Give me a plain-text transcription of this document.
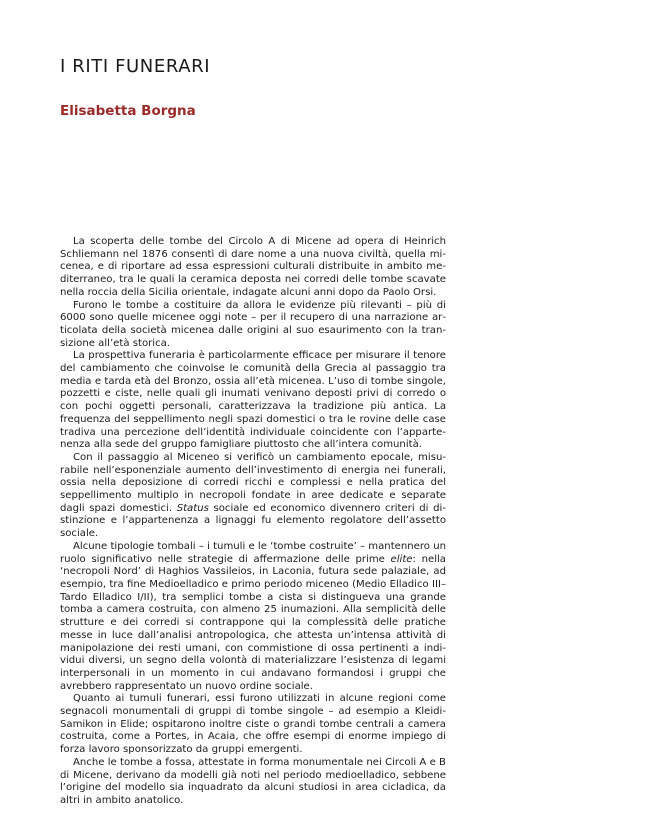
I RITI FUNERARI
Elisabetta Borgna

La scoperta delle tombe del Circolo A di Micene ad opera di Heinrich Schliemann nel 1876 consentì di dare nome a una nuova civiltà, quella micenea, e di riportare ad essa espressioni culturali distribuite in ambito mediterraneo, tra le quali la ceramica deposta nei corredi delle tombe scavate nella roccia della Sicilia orientale, indagate alcuni anni dopo da Paolo Orsi.

Furono le tombe a costituire da allora le evidenze più rilevanti – più di 6000 sono quelle micenee oggi note – per il recupero di una narrazione articolata della società micenea dalle origini al suo esaurimento con la transizione all’età storica.

La prospettiva funeraria è particolarmente efficace per misurare il tenore del cambiamento che coinvolse le comunità della Grecia al passaggio tra media e tarda età del Bronzo, ossia all’età micenea. L’uso di tombe singole, pozzetti e ciste, nelle quali gli inumati venivano deposti privi di corredo o con pochi oggetti personali, caratterizzava la tradizione più antica. La frequenza del seppellimento negli spazi domestici o tra le rovine delle case tradiva una percezione dell’identità individuale coincidente con l’appartenenza alla sede del gruppo famigliare piuttosto che all’intera comunità.

Con il passaggio al Miceneo si verificò un cambiamento epocale, misurabile nell’esponenziale aumento dell’investimento di energia nei funerali, ossia nella deposizione di corredi ricchi e complessi e nella pratica del seppellimento multiplo in necropoli fondate in aree dedicate e separate dagli spazi domestici. Status sociale ed economico divennero criteri di distinzione e l’appartenenza a lignaggi fu elemento regolatore dell’assetto sociale.

Alcune tipologie tombali – i tumuli e le ‘tombe costruite’ – mantennero un ruolo significativo nelle strategie di affermazione delle prime elite: nella ‘necropoli Nord’ di Haghios Vassileios, in Laconia, futura sede palaziale, ad esempio, tra fine Medioelladico e primo periodo miceneo (Medio Elladico III–Tardo Elladico I/II), tra semplici tombe a cista si distingueva una grande tomba a camera costruita, con almeno 25 inumazioni. Alla semplicità delle strutture e dei corredi si contrappone qui la complessità delle pratiche messe in luce dall’analisi antropologica, che attesta un’intensa attività di manipolazione dei resti umani, con commistione di ossa pertinenti a individui diversi, un segno della volontà di materializzare l’esistenza di legami interpersonali in un momento in cui andavano formandosi i gruppi che avrebbero rappresentato un nuovo ordine sociale.

Quanto ai tumuli funerari, essi furono utilizzati in alcune regioni come segnacoli monumentali di gruppi di tombe singole – ad esempio a Kleidi-Samikon in Elide; ospitarono inoltre ciste o grandi tombe centrali a camera costruita, come a Portes, in Acaia, che offre esempi di enorme impiego di forza lavoro sponsorizzato da gruppi emergenti.

Anche le tombe a fossa, attestate in forma monumentale nei Circoli A e B di Micene, derivano da modelli già noti nel periodo medioelladico, sebbene l’origine del modello sia inquadrato da alcuni studiosi in area cicladica, da altri in ambito anatolico.
